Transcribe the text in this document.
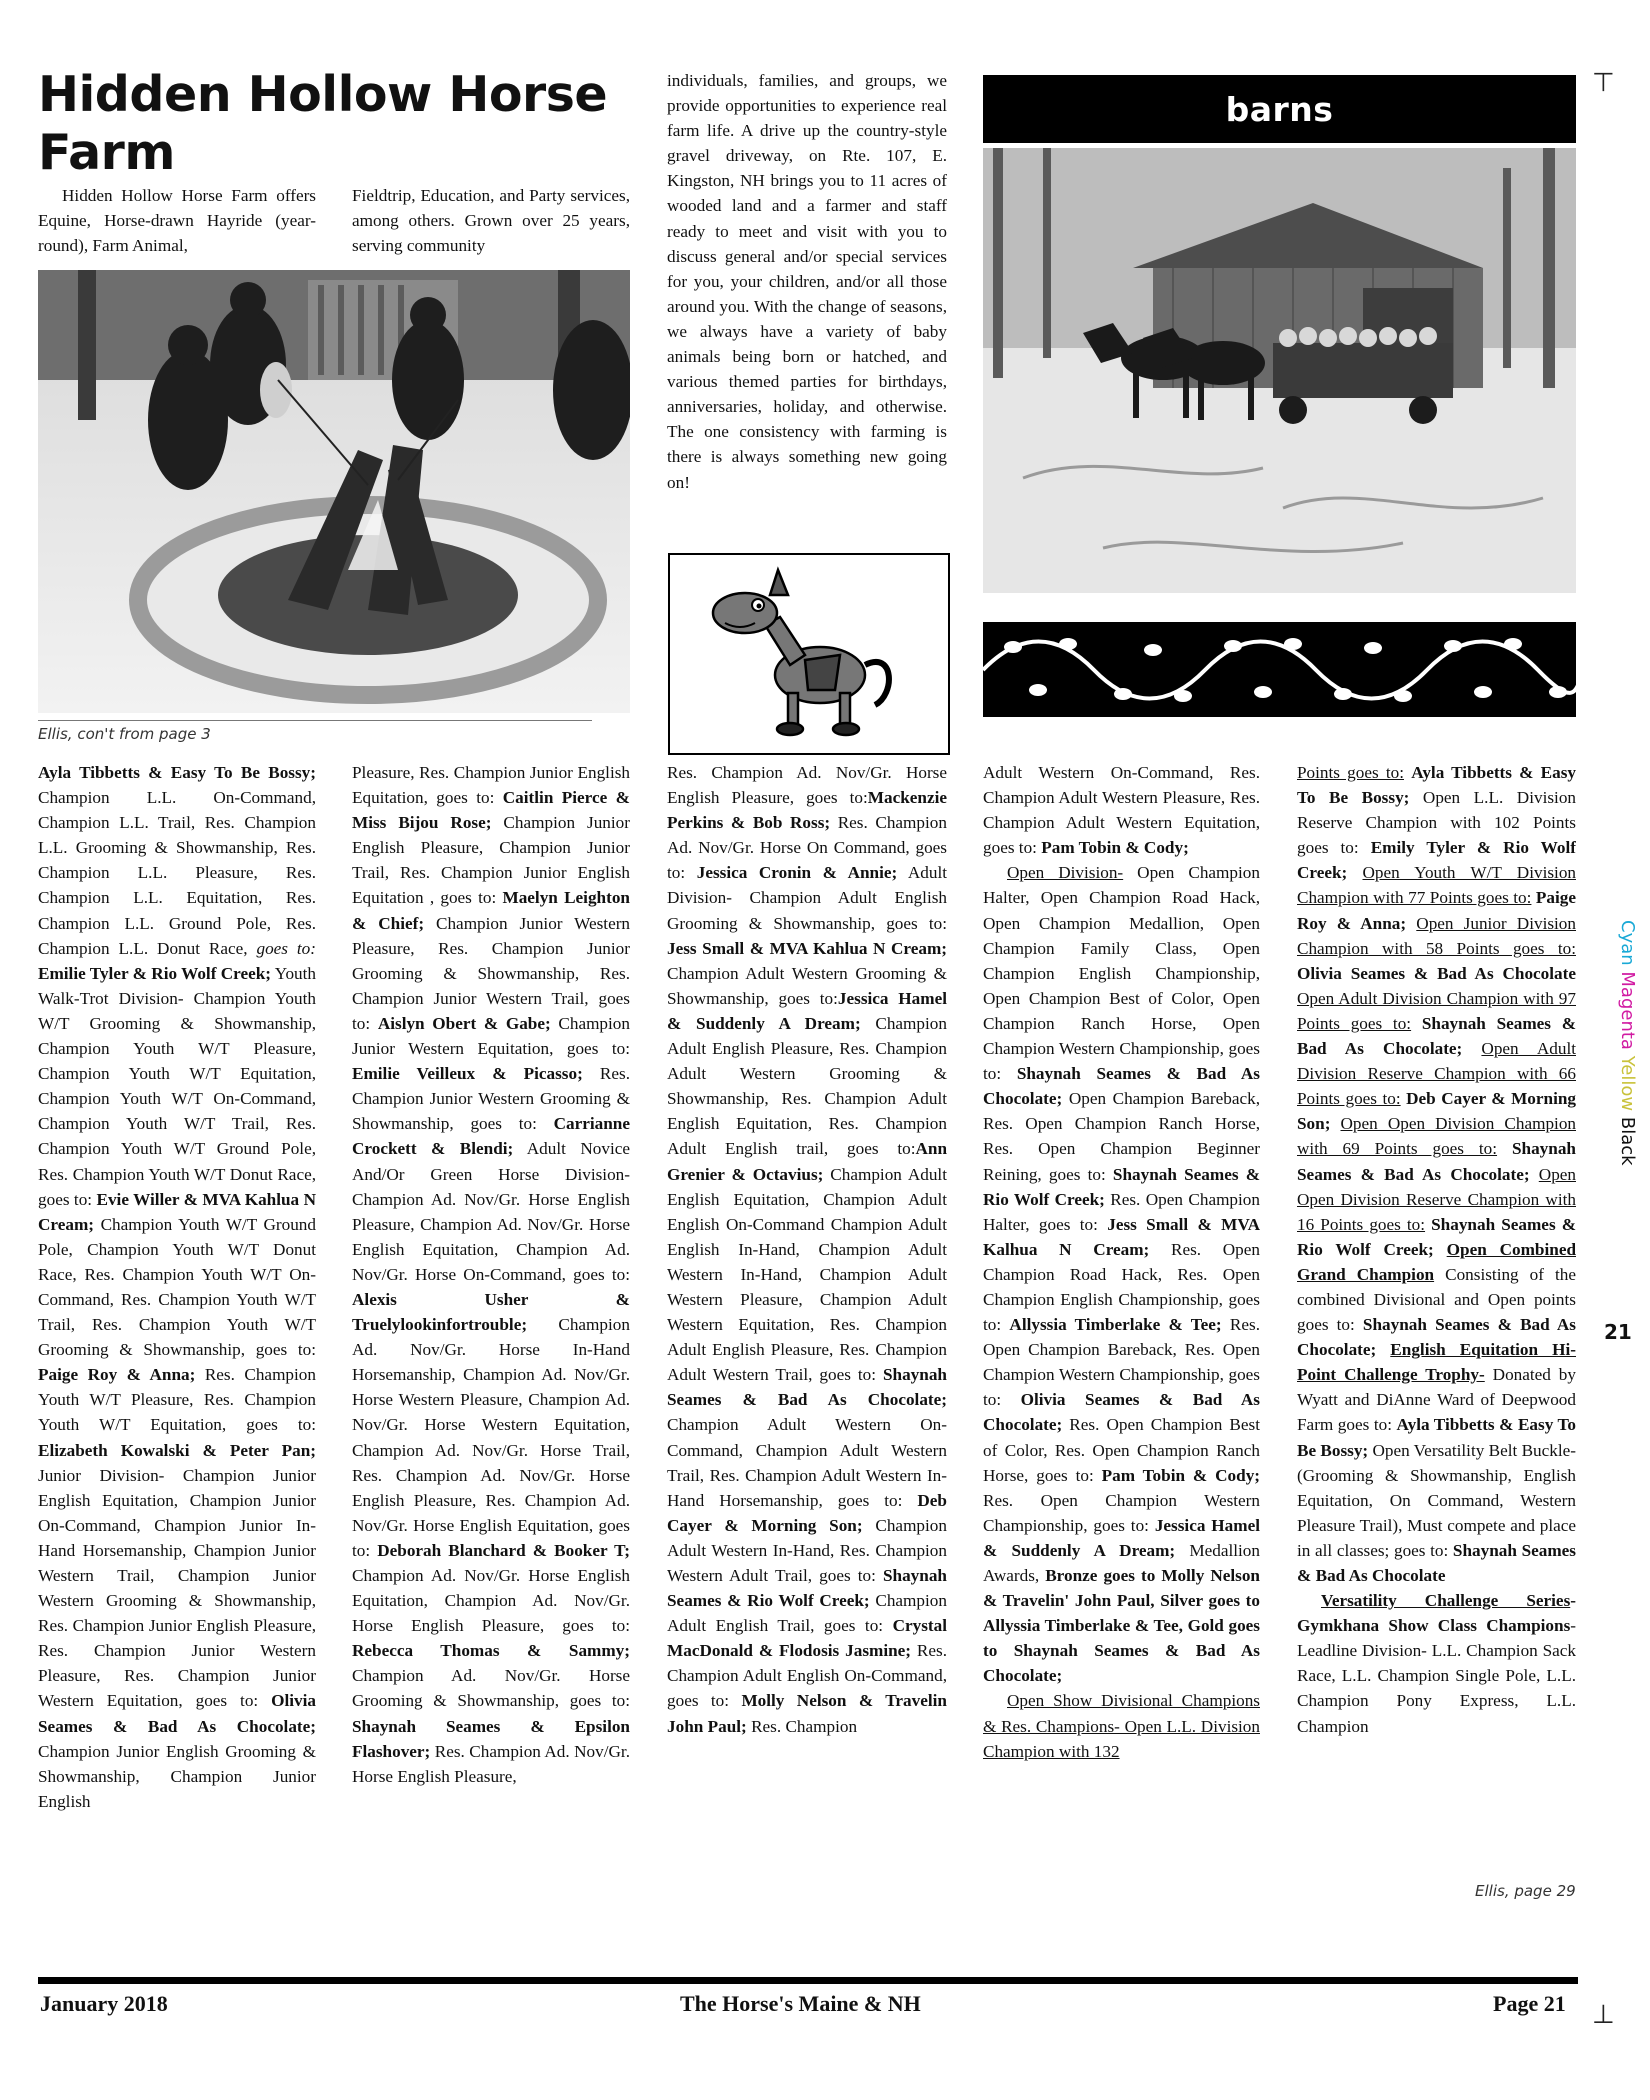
Hidden Hollow Horse Farm

Hidden Hollow Horse Farm offers Equine, Horse-drawn Hayride (year-round), Farm Animal,

Fieldtrip, Education, and Party services, among others. Grown over 25 years, serving community

individuals, families, and groups, we provide opportunities to experience real farm life. A drive up the country-style gravel driveway, on Rte. 107, E. Kingston, NH brings you to 11 acres of wooded land and a farmer and staff ready to meet and visit with you to discuss general and/or special services for you, your children, and/or all those around you. With the change of seasons, we always have a variety of baby animals being born or hatched, and various themed parties for birthdays, anniversaries, holiday, and otherwise. The one consistency with farming is there is always something new going on!

Ellis, con't from page 3
barns
Ayla Tibbetts & Easy To Be Bossy; Champion L.L. On-Command, Champion L.L. Trail, Res. Champion L.L. Grooming & Showmanship, Res. Champion L.L. Pleasure, Res. Champion L.L. Equitation, Res. Champion L.L. Ground Pole, Res. Champion L.L. Donut Race, goes to: Emilie Tyler & Rio Wolf Creek; Youth Walk-Trot Division- Champion Youth W/T Grooming & Showmanship, Champion Youth W/T Pleasure, Champion Youth W/T Equitation, Champion Youth W/T On-Command, Champion Youth W/T Trail, Res. Champion Youth W/T Ground Pole, Res. Champion Youth W/T Donut Race, goes to: Evie Willer & MVA Kahlua N Cream; Champion Youth W/T Ground Pole, Champion Youth W/T Donut Race, Res. Champion Youth W/T On-Command, Res. Champion Youth W/T Trail, Res. Champion Youth W/T Grooming & Showmanship, goes to: Paige Roy & Anna; Res. Champion Youth W/T Pleasure, Res. Champion Youth W/T Equitation, goes to: Elizabeth Kowalski & Peter Pan; Junior Division- Champion Junior English Equitation, Champion Junior On-Command, Champion Junior In-Hand Horsemanship, Champion Junior Western Trail, Champion Junior Western Grooming & Showmanship, Res. Champion Junior English Pleasure, Res. Champion Junior Western Pleasure, Res. Champion Junior Western Equitation, goes to: Olivia Seames & Bad As Chocolate; Champion Junior English Grooming & Showmanship, Champion Junior English
Pleasure, Res. Champion Junior English Equitation, goes to: Caitlin Pierce & Miss Bijou Rose; Champion Junior English Pleasure, Champion Junior Trail, Res. Champion Junior English Equitation , goes to: Maelyn Leighton & Chief; Champion Junior Western Pleasure, Res. Champion Junior Grooming & Showmanship, Res. Champion Junior Western Trail, goes to: Aislyn Obert & Gabe; Champion Junior Western Equitation, goes to: Emilie Veilleux & Picasso; Res. Champion Junior Western Grooming & Showmanship, goes to: Carrianne Crockett & Blendi; Adult Novice And/Or Green Horse Division- Champion Ad. Nov/Gr. Horse English Pleasure, Champion Ad. Nov/Gr. Horse English Equitation, Champion Ad. Nov/Gr. Horse On-Command, goes to: Alexis Usher & Truelylookinfortrouble; Champion Ad. Nov/Gr. Horse In-Hand Horsemanship, Champion Ad. Nov/Gr. Horse Western Pleasure, Champion Ad. Nov/Gr. Horse Western Equitation, Champion Ad. Nov/Gr. Horse Trail, Res. Champion Ad. Nov/Gr. Horse English Pleasure, Res. Champion Ad. Nov/Gr. Horse English Equitation, goes to: Deborah Blanchard & Booker T; Champion Ad. Nov/Gr. Horse English Equitation, Champion Ad. Nov/Gr. Horse English Pleasure, goes to: Rebecca Thomas & Sammy; Champion Ad. Nov/Gr. Horse Grooming & Showmanship, goes to: Shaynah Seames & Epsilon Flashover; Res. Champion Ad. Nov/Gr. Horse English Pleasure,
Res. Champion Ad. Nov/Gr. Horse English Pleasure, goes to:Mackenzie Perkins & Bob Ross; Res. Champion Ad. Nov/Gr. Horse On Command, goes to: Jessica Cronin & Annie; Adult Division- Champion Adult English Grooming & Showmanship, goes to: Jess Small & MVA Kahlua N Cream; Champion Adult Western Grooming & Showmanship, goes to:Jessica Hamel & Suddenly A Dream; Champion Adult English Pleasure, Res. Champion Adult Western Grooming & Showmanship, Res. Champion Adult English Equitation, Res. Champion Adult English trail, goes to:Ann Grenier & Octavius; Champion Adult English Equitation, Champion Adult English On-Command Champion Adult English In-Hand, Champion Adult Western In-Hand, Champion Adult Western Pleasure, Champion Adult Western Equitation, Res. Champion Adult English Pleasure, Res. Champion Adult Western Trail, goes to: Shaynah Seames & Bad As Chocolate; Champion Adult Western On-Command, Champion Adult Western Trail, Res. Champion Adult Western In-Hand Horsemanship, goes to: Deb Cayer & Morning Son; Champion Adult Western In-Hand, Res. Champion Western Adult Trail, goes to: Shaynah Seames & Rio Wolf Creek; Champion Adult English Trail, goes to: Crystal MacDonald & Flodosis Jasmine; Res. Champion Adult English On-Command, goes to: Molly Nelson & Travelin John Paul; Res. Champion
Adult Western On-Command, Res. Champion Adult Western Pleasure, Res. Champion Adult Western Equitation, goes to: Pam Tobin & Cody;
Open Division- Open Champion Halter, Open Champion Road Hack, Open Champion Medallion, Open Champion Family Class, Open Champion English Championship, Open Champion Best of Color, Open Champion Ranch Horse, Open Champion Western Championship, goes to: Shaynah Seames & Bad As Chocolate; Open Champion Bareback, Res. Open Champion Ranch Horse, Res. Open Champion Beginner Reining, goes to: Shaynah Seames & Rio Wolf Creek; Res. Open Champion Halter, goes to: Jess Small & MVA Kalhua N Cream; Res. Open Champion Road Hack, Res. Open Champion English Championship, goes to: Allyssia Timberlake & Tee; Res. Open Champion Bareback, Res. Open Champion Western Championship, goes to: Olivia Seames & Bad As Chocolate; Res. Open Champion Best of Color, Res. Open Champion Ranch Horse, goes to: Pam Tobin & Cody; Res. Open Champion Western Championship, goes to: Jessica Hamel & Suddenly A Dream; Medallion Awards, Bronze goes to Molly Nelson & Travelin' John Paul, Silver goes to Allyssia Timberlake & Tee, Gold goes to Shaynah Seames & Bad As Chocolate;
Open Show Divisional Champions & Res. Champions- Open L.L. Division Champion with 132
Points goes to: Ayla Tibbetts & Easy To Be Bossy; Open L.L. Division Reserve Champion with 102 Points goes to: Emily Tyler & Rio Wolf Creek; Open Youth W/T Division Champion with 77 Points goes to: Paige Roy & Anna; Open Junior Division Champion with 58 Points goes to: Olivia Seames & Bad As Chocolate Open Adult Division Champion with 97 Points goes to: Shaynah Seames & Bad As Chocolate; Open Adult Division Reserve Champion with 66 Points goes to: Deb Cayer & Morning Son; Open Open Division Champion with 69 Points goes to: Shaynah Seames & Bad As Chocolate; Open Open Division Reserve Champion with 16 Points goes to: Shaynah Seames & Rio Wolf Creek; Open Combined Grand Champion Consisting of the combined Divisional and Open points goes to: Shaynah Seames & Bad As Chocolate; English Equitation Hi-Point Challenge Trophy- Donated by Wyatt and DiAnne Ward of Deepwood Farm goes to: Ayla Tibbetts & Easy To Be Bossy; Open Versatility Belt Buckle- (Grooming & Showmanship, English Equitation, On Command, Western Pleasure Trail), Must compete and place in all classes; goes to: Shaynah Seames & Bad As Chocolate
Versatility Challenge Series-Gymkhana Show Class Champions- Leadline Division- L.L. Champion Sack Race, L.L. Champion Single Pole, L.L. Champion Pony Express, L.L. Champion
Ellis, page 29
⊤
⊥
Cyan Magenta Yellow Black
21
January 2018	The Horse's Maine & NH	Page 21
